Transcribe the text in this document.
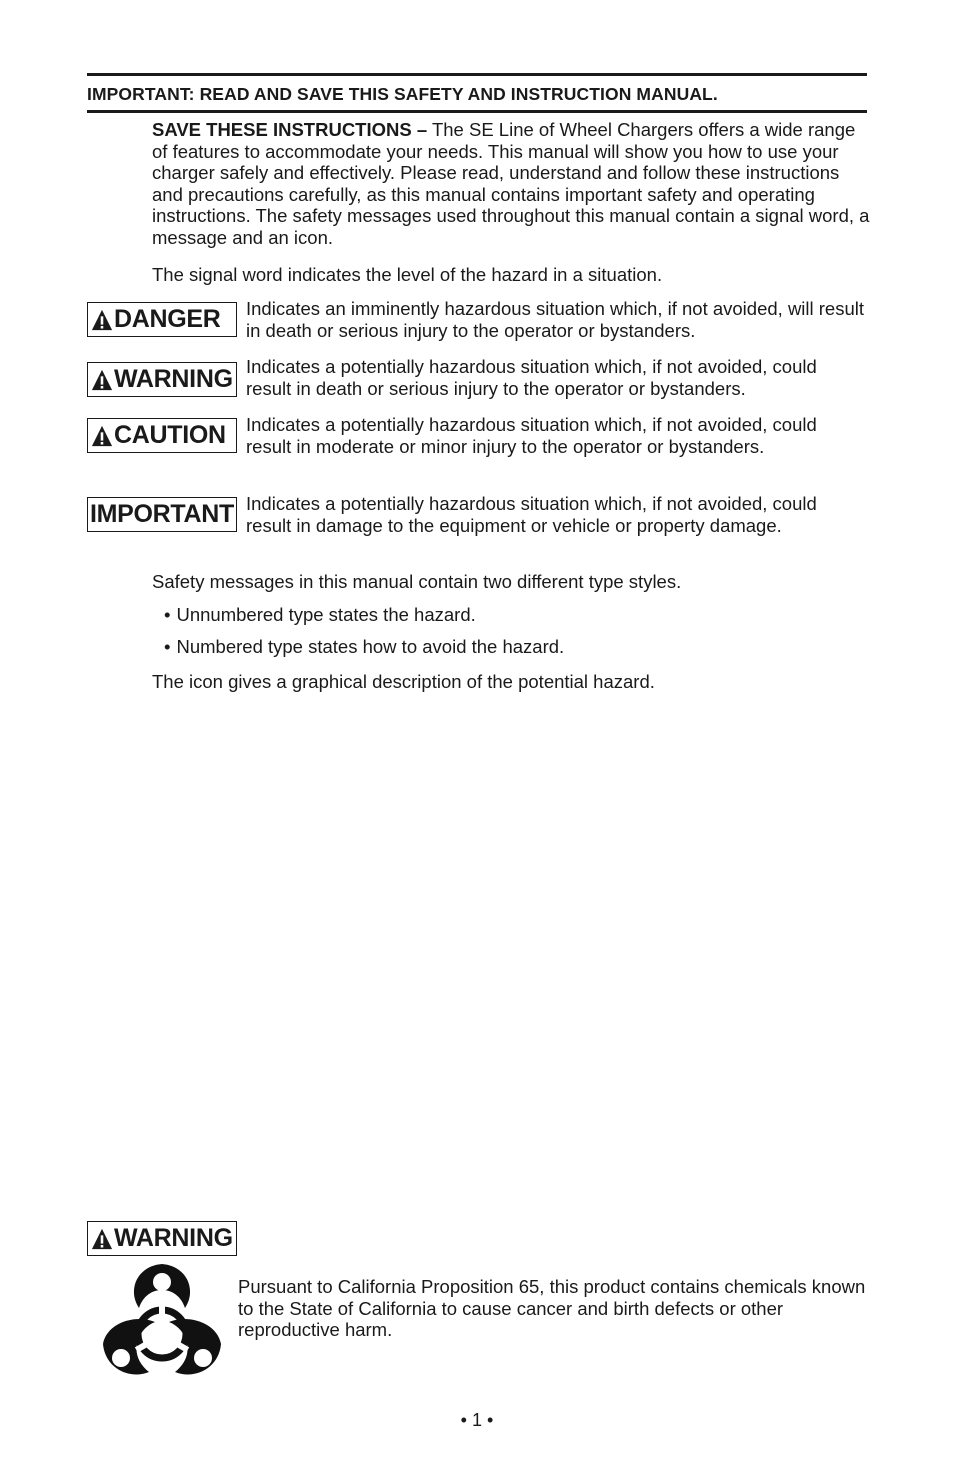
IMPORTANT: READ AND SAVE THIS SAFETY AND INSTRUCTION MANUAL.
SAVE THESE INSTRUCTIONS – The SE Line of Wheel Chargers offers a wide range of features to accommodate your needs. This manual will show you how to use your charger safely and effectively. Please read, understand and follow these instructions and precautions carefully, as this manual contains important safety and operating instructions. The safety messages used throughout this manual contain a signal word, a message and an icon.
The signal word indicates the level of the hazard in a situation.
DANGER Indicates an imminently hazardous situation which, if not avoided, will result in death or serious injury to the operator or bystanders.
WARNING Indicates a potentially hazardous situation which, if not avoided, could result in death or serious injury to the operator or bystanders.
CAUTION Indicates a potentially hazardous situation which, if not avoided, could result in moderate or minor injury to the operator or bystanders.
IMPORTANT Indicates a potentially hazardous situation which, if not avoided, could result in damage to the equipment or vehicle or property damage.
Safety messages in this manual contain two different type styles.
• Unnumbered type states the hazard.
• Numbered type states how to avoid the hazard.
The icon gives a graphical description of the potential hazard.
WARNING
Pursuant to California Proposition 65, this product contains chemicals known to the State of California to cause cancer and birth defects or other reproductive harm.
• 1 •
